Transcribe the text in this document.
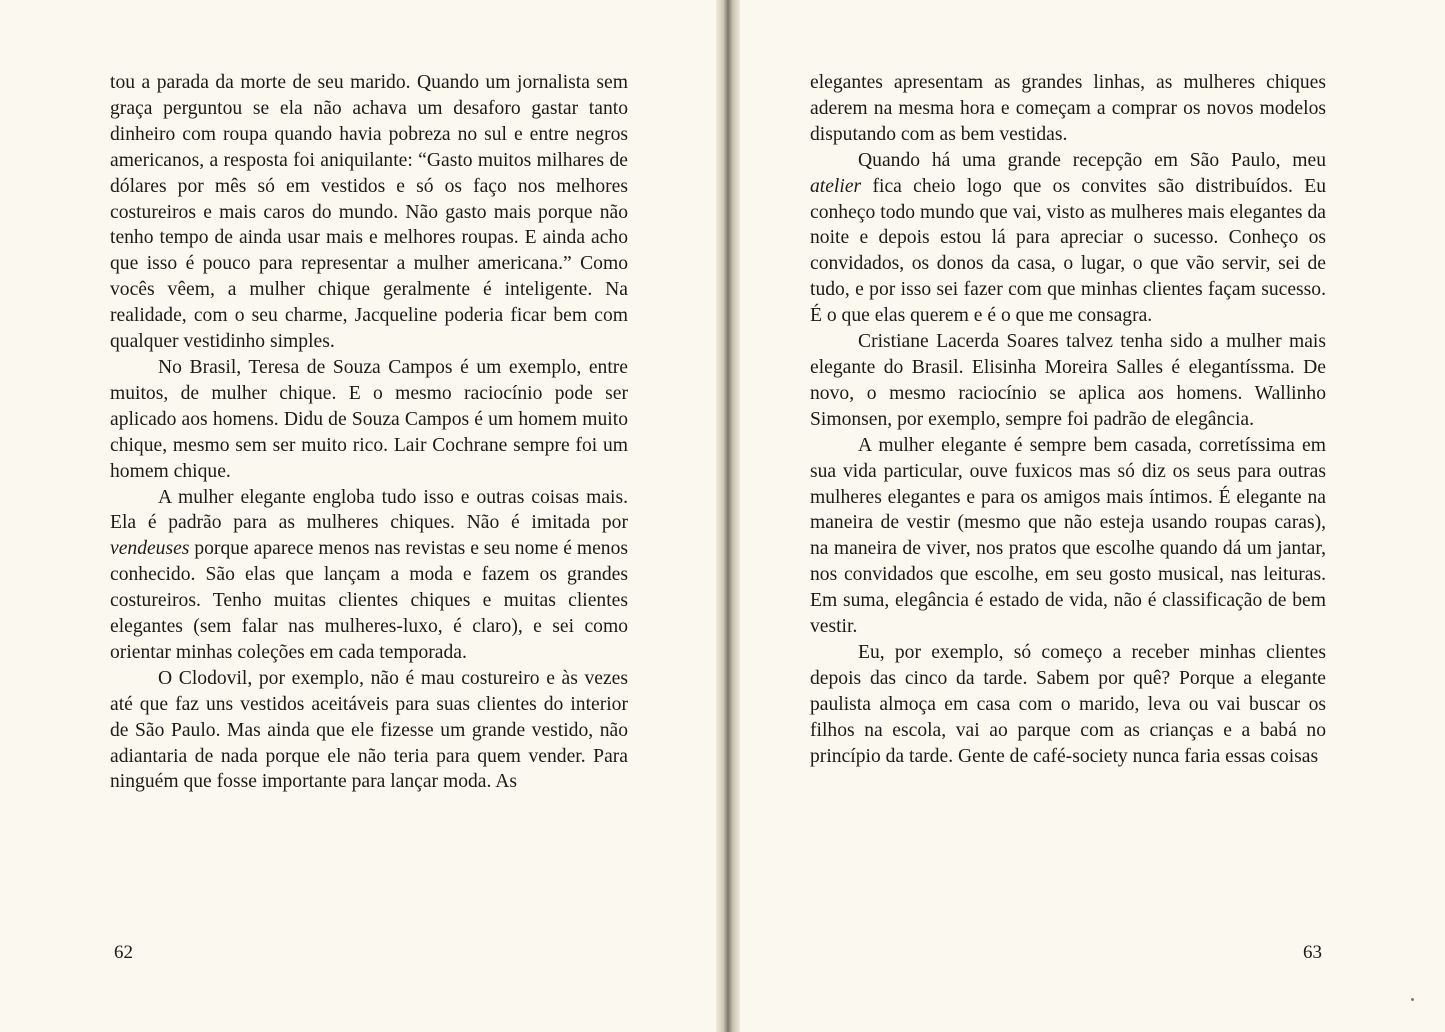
tou a parada da morte de seu marido. Quando um jornalista sem graça perguntou se ela não achava um desaforo gastar tanto dinheiro com roupa quando havia pobreza no sul e entre negros americanos, a resposta foi aniquilante: “Gasto muitos milhares de dólares por mês só em vestidos e só os faço nos melhores costureiros e mais caros do mundo. Não gasto mais porque não tenho tempo de ainda usar mais e melhores roupas. E ainda acho que isso é pouco para representar a mulher americana.” Como vocês vêem, a mulher chique geralmente é inteligente. Na realidade, com o seu charme, Jacqueline poderia ficar bem com qualquer vestidinho simples.

No Brasil, Teresa de Souza Campos é um exemplo, entre muitos, de mulher chique. E o mesmo raciocínio pode ser aplicado aos homens. Didu de Souza Campos é um homem muito chique, mesmo sem ser muito rico. Lair Cochrane sempre foi um homem chique.

A mulher elegante engloba tudo isso e outras coisas mais. Ela é padrão para as mulheres chiques. Não é imitada por vendeuses porque aparece menos nas revistas e seu nome é menos conhecido. São elas que lançam a moda e fazem os grandes costureiros. Tenho muitas clientes chiques e muitas clientes elegantes (sem falar nas mulheres-luxo, é claro), e sei como orientar minhas coleções em cada temporada.

O Clodovil, por exemplo, não é mau costureiro e às vezes até que faz uns vestidos aceitáveis para suas clientes do interior de São Paulo. Mas ainda que ele fizesse um grande vestido, não adiantaria de nada porque ele não teria para quem vender. Para ninguém que fosse importante para lançar moda. As

62

elegantes apresentam as grandes linhas, as mulheres chiques aderem na mesma hora e começam a comprar os novos modelos disputando com as bem vestidas.

Quando há uma grande recepção em São Paulo, meu atelier fica cheio logo que os convites são distribuídos. Eu conheço todo mundo que vai, visto as mulheres mais elegantes da noite e depois estou lá para apreciar o sucesso. Conheço os convidados, os donos da casa, o lugar, o que vão servir, sei de tudo, e por isso sei fazer com que minhas clientes façam sucesso. É o que elas querem e é o que me consagra.

Cristiane Lacerda Soares talvez tenha sido a mulher mais elegante do Brasil. Elisinha Moreira Salles é elegantíssma. De novo, o mesmo raciocínio se aplica aos homens. Wallinho Simonsen, por exemplo, sempre foi padrão de elegância.

A mulher elegante é sempre bem casada, corretíssima em sua vida particular, ouve fuxicos mas só diz os seus para outras mulheres elegantes e para os amigos mais íntimos. É elegante na maneira de vestir (mesmo que não esteja usando roupas caras), na maneira de viver, nos pratos que escolhe quando dá um jantar, nos convidados que escolhe, em seu gosto musical, nas leituras. Em suma, elegância é estado de vida, não é classificação de bem vestir.

Eu, por exemplo, só começo a receber minhas clientes depois das cinco da tarde. Sabem por quê? Porque a elegante paulista almoça em casa com o marido, leva ou vai buscar os filhos na escola, vai ao parque com as crianças e a babá no princípio da tarde. Gente de café-society nunca faria essas coisas

63
